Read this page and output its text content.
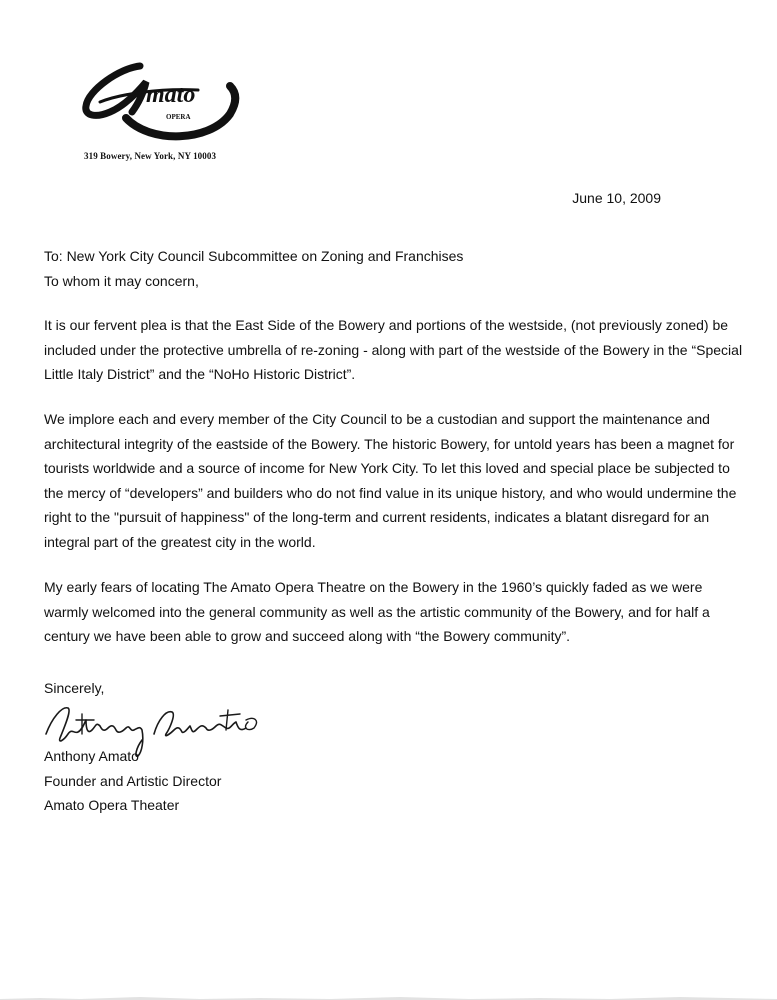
mato
OPERA
319 Bowery, New York, NY 10003
June 10, 2009
To: New York City Council Subcommittee on Zoning and Franchises
To whom it may concern,

It is our fervent plea is that the East Side of the Bowery and portions of the westside, (not previously zoned) be included under the protective umbrella of re-zoning - along with part of the westside of the Bowery in the “Special Little Italy District” and the “NoHo Historic District”.

We implore each and every member of the City Council to be a custodian and support the maintenance and architectural integrity of the eastside of the Bowery. The historic Bowery, for untold years has been a magnet for tourists worldwide and a source of income for New York City. To let this loved and special place be subjected to the mercy of “developers” and builders who do not find value in its unique history, and who would undermine the right to the "pursuit of happiness" of the long-term and current residents, indicates a blatant disregard for an integral part of the greatest city in the world.

My early fears of locating The Amato Opera Theatre on the Bowery in the 1960’s quickly faded as we were warmly welcomed into the general community as well as the artistic community of the Bowery, and for half a century we have been able to grow and succeed along with “the Bowery community”.

Sincerely,
Anthony Amato
Founder and Artistic Director
Amato Opera Theater
